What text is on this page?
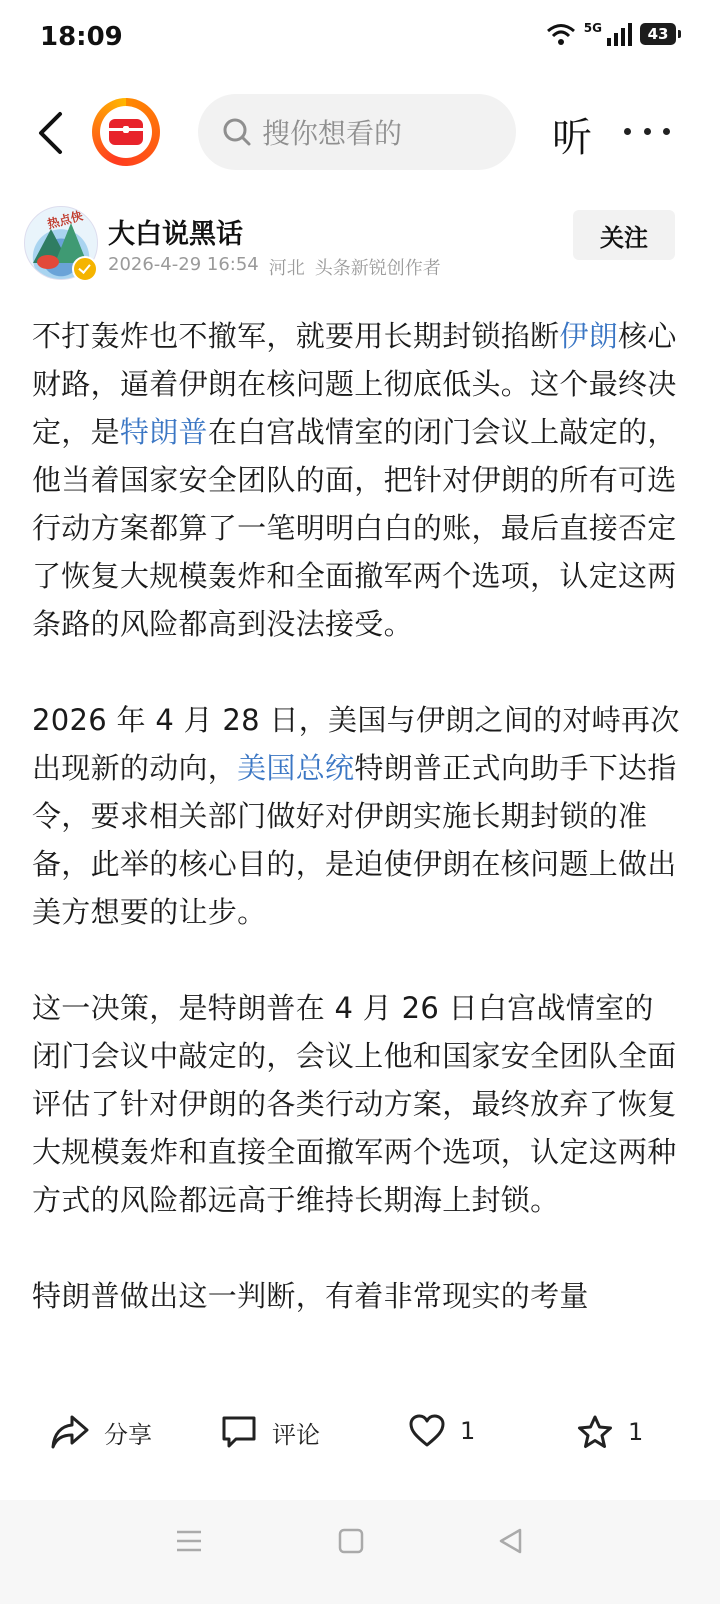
18:09	5G	43
搜你想看的	听
热点侠 大白说黑话
2026-4-29 16:54 河北 头条新锐创作者
关注

不打轰炸也不撤军，就要用长期封锁掐断伊朗核心财路，逼着伊朗在核问题上彻底低头。这个最终决定，是特朗普在白宫战情室的闭门会议上敲定的，他当着国家安全团队的面，把针对伊朗的所有可选行动方案都算了一笔明明白白的账，最后直接否定了恢复大规模轰炸和全面撤军两个选项，认定这两条路的风险都高到没法接受。

2026 年 4 月 28 日，美国与伊朗之间的对峙再次出现新的动向，美国总统特朗普正式向助手下达指令，要求相关部门做好对伊朗实施长期封锁的准备，此举的核心目的，是迫使伊朗在核问题上做出美方想要的让步。

这一决策，是特朗普在 4 月 26 日白宫战情室的闭门会议中敲定的，会议上他和国家安全团队全面评估了针对伊朗的各类行动方案，最终放弃了恢复大规模轰炸和直接全面撤军两个选项，认定这两种方式的风险都远高于维持长期海上封锁。

特朗普做出这一判断，有着非常现实的考量

分享	评论	1	1
